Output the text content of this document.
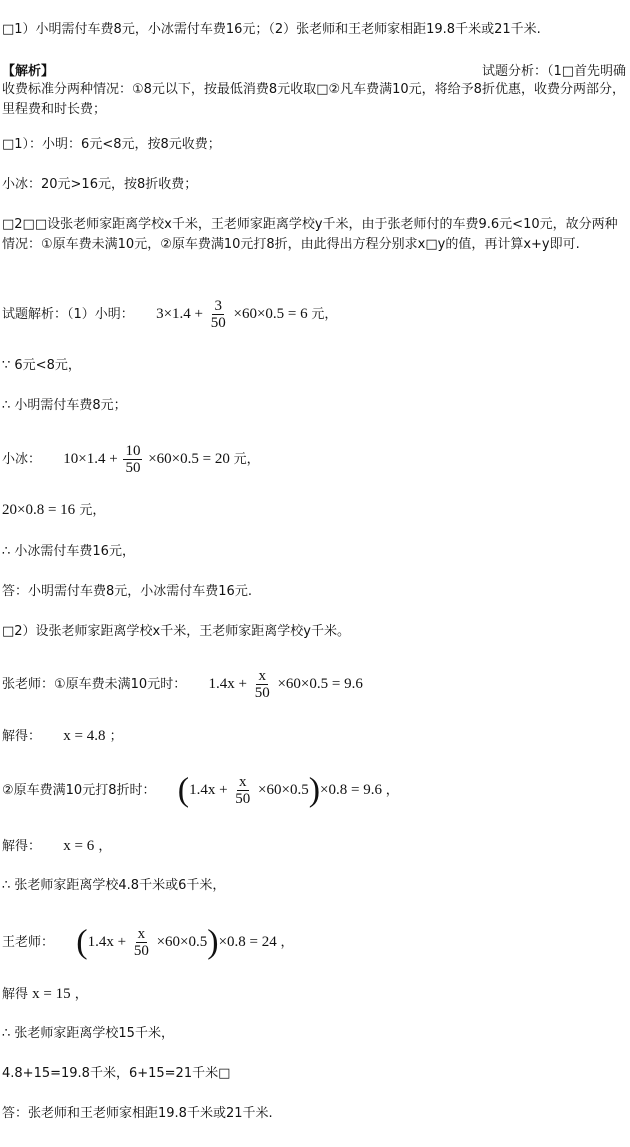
□1）小明需付车费8元，小冰需付车费16元；（2）张老师和王老师家相距19.8千米或21千米.
【解析】	试题分析：（1□首先明确
收费标准分两种情况：①8元以下，按最低消费8元收取□②凡车费满10元，将给予8折优惠，收费分两部分，里程费和时长费；
□1）：小明：6元<8元，按8元收费；
小冰：20元>16元，按8折收费；
□2□□设张老师家距离学校x千米，王老师家距离学校y千米，由于张老师付的车费9.6元<10元，故分两种情况：①原车费未满10元，②原车费满10元打8折，由此得出方程分别求x□y的值，再计算x+y即可.
试题解析：（1）小明： $3\times 1.4 + \frac{3}{50} \times 60\times 0.5 = 6$ 元，
∵ 6元<8元，
∴ 小明需付车费8元；
小冰： $10\times 1.4 + \frac{10}{50} \times 60\times 0.5 = 20$ 元，
20×0.8 = 16 元，
∴ 小冰需付车费16元，
答：小明需付车费8元，小冰需付车费16元.
□2）设张老师家距离学校x千米，王老师家距离学校y千米。
张老师：①原车费未满10元时： $1.4x + \frac{x}{50} \times 60\times 0.5 = 9.6$
解得： x = 4.8 ；
②原车费满10元打8折时： $(1.4x + \frac{x}{50} \times 60\times 0.5)\times 0.8 = 9.6$ ，
解得： x = 6 ，
∴ 张老师家距离学校4.8千米或6千米，
王老师： $(1.4x + \frac{x}{50} \times 60\times 0.5)\times 0.8 = 24$ ，
解得 x = 15 ，
∴ 张老师家距离学校15千米，
4.8+15=19.8千米，6+15=21千米□
答：张老师和王老师家相距19.8千米或21千米.
